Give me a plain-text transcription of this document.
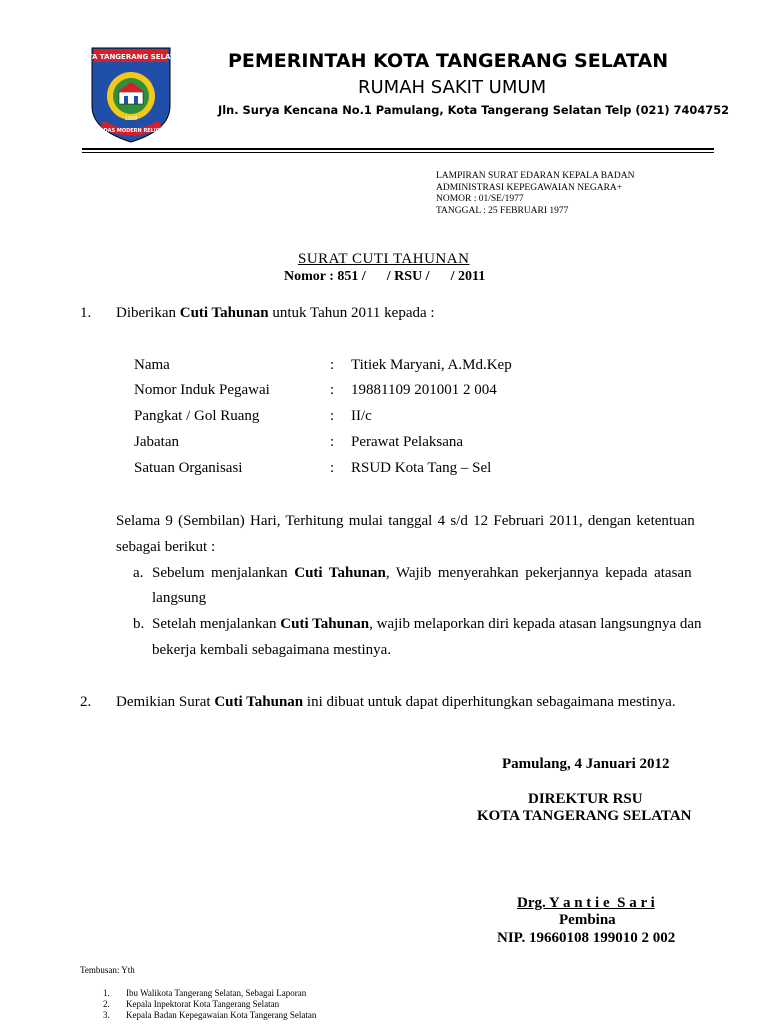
KOTA TANGERANG SELATAN
1999
CERDAS MODERN RELIGIUS
PEMERINTAH KOTA TANGERANG SELATAN
RUMAH SAKIT UMUM
Jln. Surya Kencana No.1 Pamulang, Kota Tangerang Selatan Telp (021) 7404752
LAMPIRAN SURAT EDARAN KEPALA BADAN
ADMINISTRASI KEPEGAWAIAN NEGARA+
NOMOR : 01/SE/1977
TANGGAL : 25 FEBRUARI 1977
SURAT CUTI TAHUNAN
Nomor : 851 /      / RSU /      / 2011
1. Diberikan Cuti Tahunan untuk Tahun 2011 kepada :
Nama	: Titiek Maryani, A.Md.Kep
Nomor Induk Pegawai	: 19881109 201001 2 004
Pangkat / Gol Ruang	: II/c
Jabatan	: Perawat Pelaksana
Satuan Organisasi	: RSUD Kota Tang – Sel
Selama 9 (Sembilan) Hari, Terhitung mulai tanggal 4 s/d 12 Februari 2011, dengan ketentuan
sebagai berikut :
a. Sebelum menjalankan Cuti Tahunan, Wajib menyerahkan pekerjannya kepada atasan
langsung
b. Setelah menjalankan Cuti Tahunan, wajib melaporkan diri kepada atasan langsungnya dan
bekerja kembali sebagaimana mestinya.
2. Demikian Surat Cuti Tahunan ini dibuat untuk dapat diperhitungkan sebagaimana mestinya.
Pamulang, 4 Januari 2012
DIREKTUR RSU
KOTA TANGERANG SELATAN
Drg. Y a n t i e  S a r i
Pembina
NIP. 19660108 199010 2 002
Tembusan: Yth
1. Ibu Walikota Tangerang Selatan, Sebagai Laporan
2. Kepala Inpektorat Kota Tangerang Selatan
3. Kepala Badan Kepegawaian Kota Tangerang Selatan
